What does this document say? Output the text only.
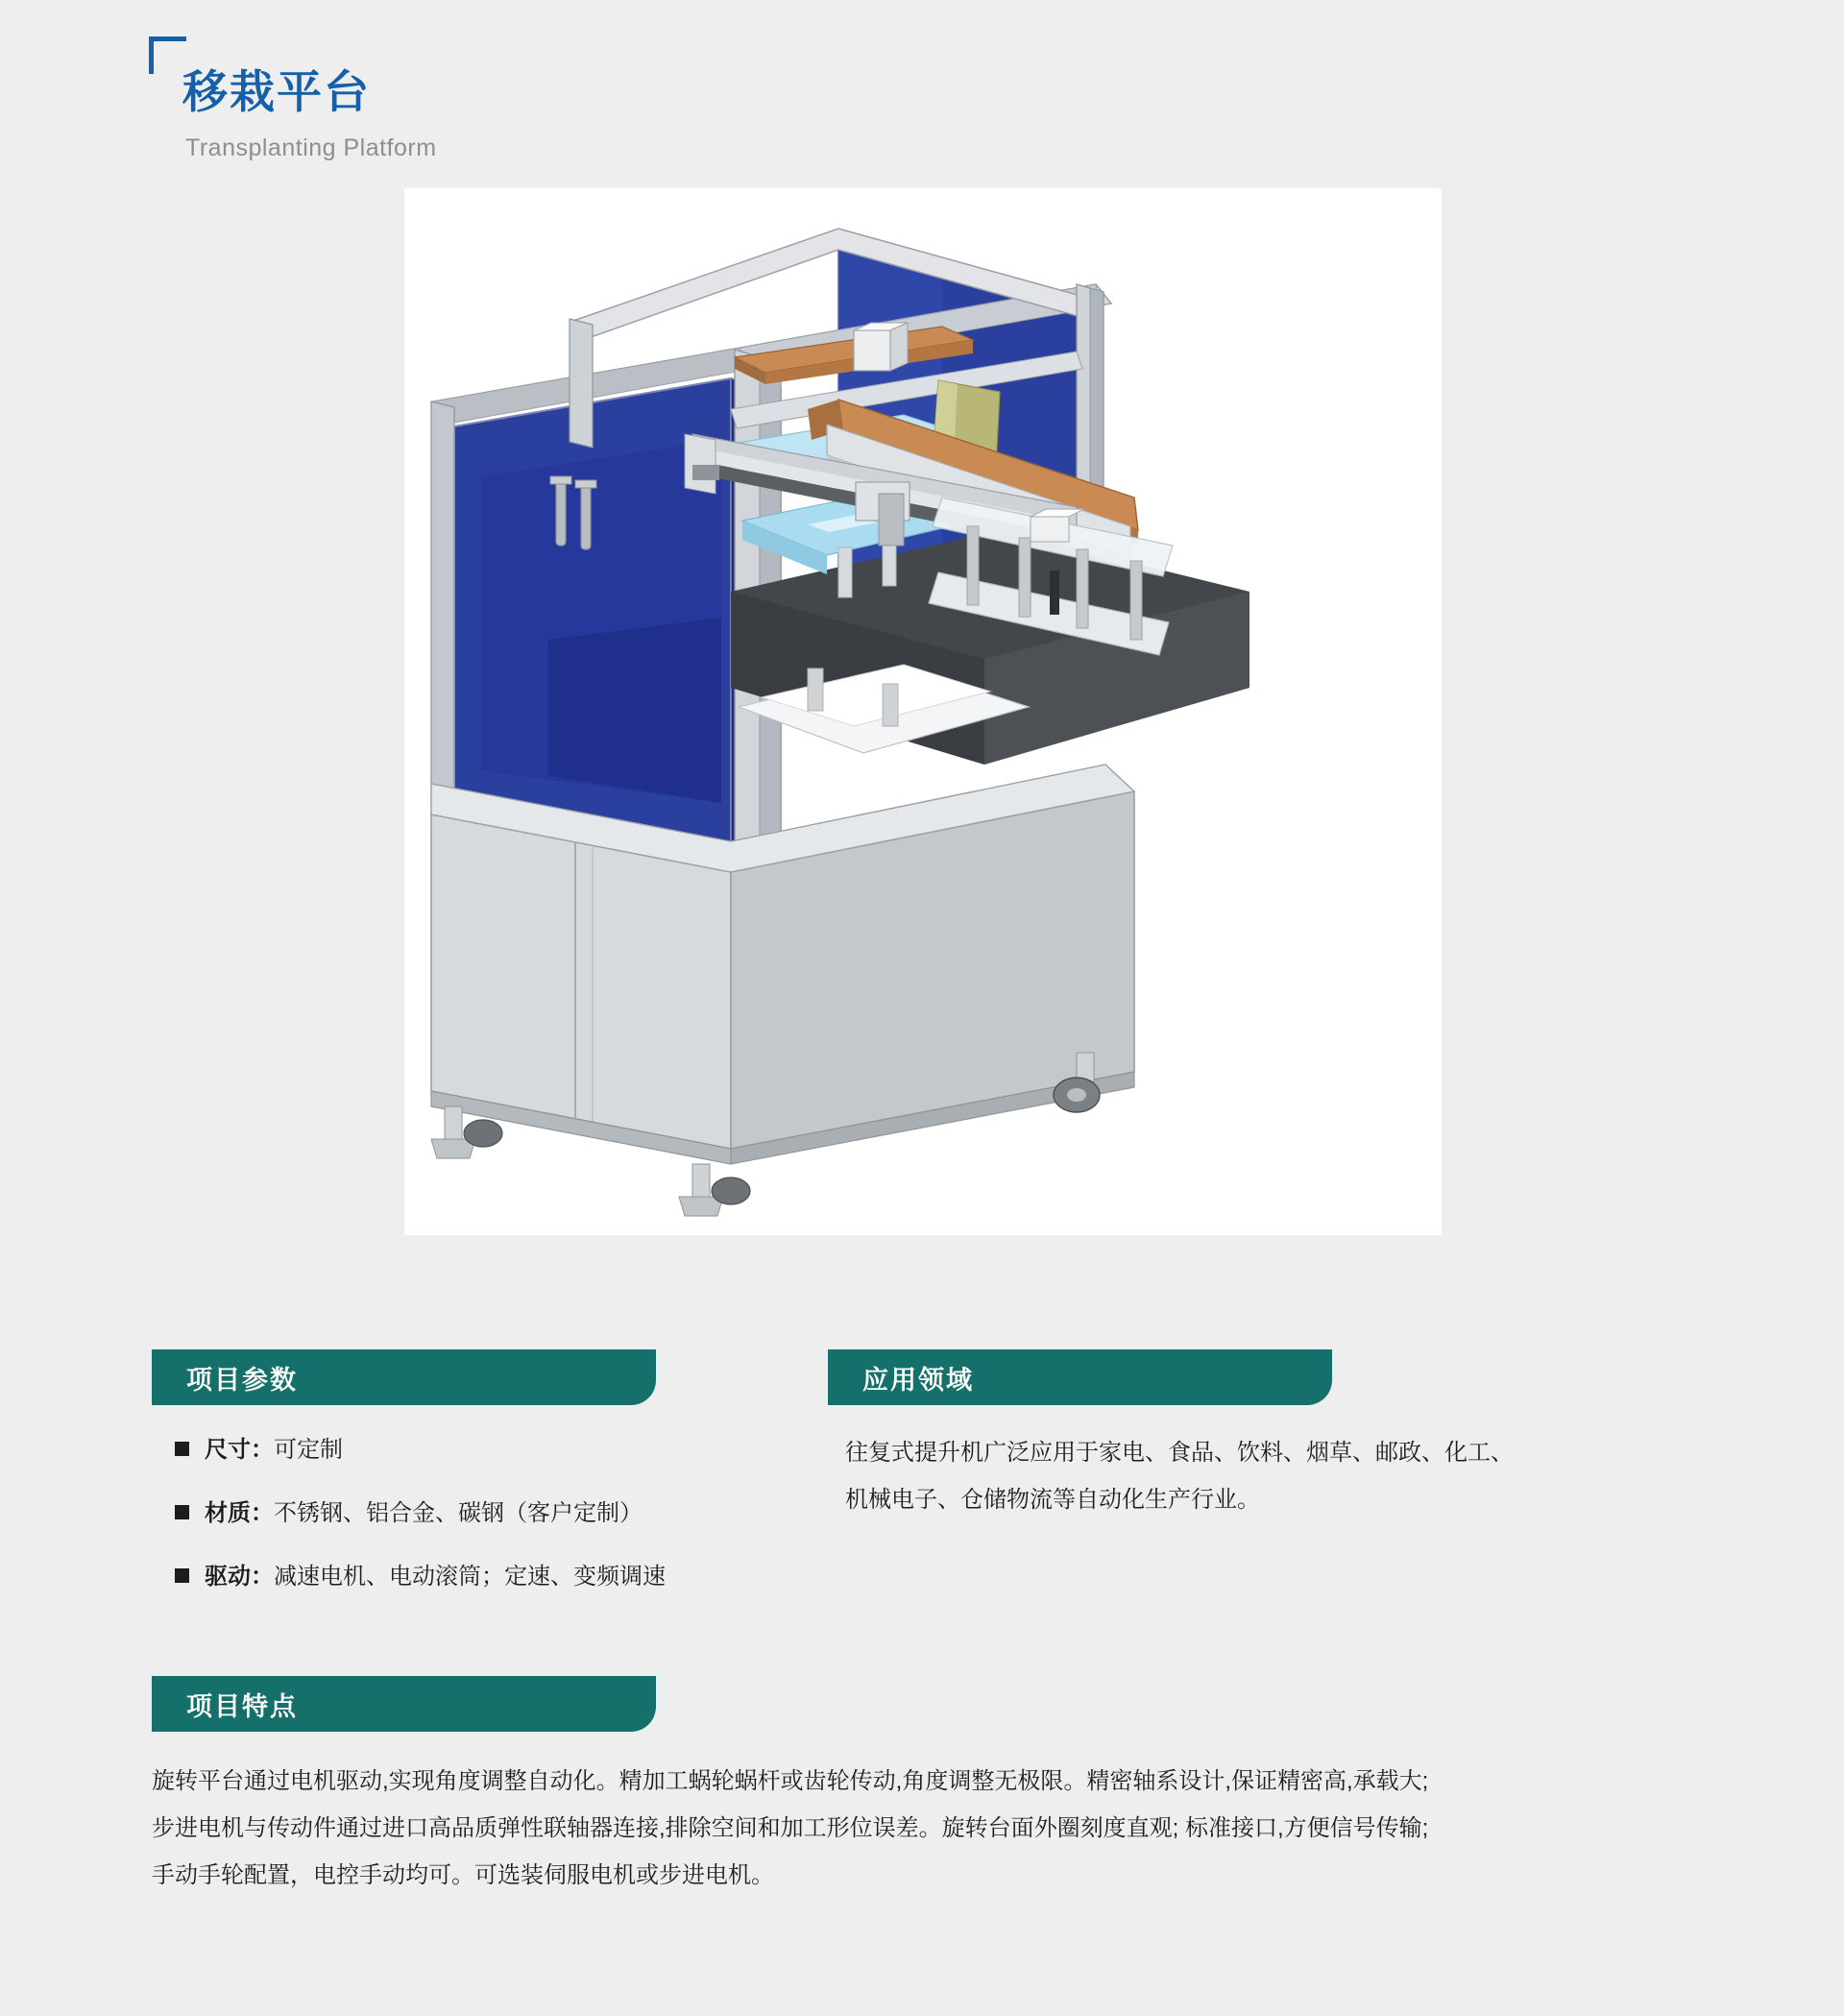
移栽平台
Transplanting Platform
项目参数
尺寸： 可定制
材质： 不锈钢、铝合金、碳钢（客户定制）
驱动： 减速电机、电动滚筒；定速、变频调速
应用领域
往复式提升机广泛应用于家电、食品、饮料、烟草、邮政、化工、
机械电子、仓储物流等自动化生产行业。
项目特点
旋转平台通过电机驱动,实现角度调整自动化。精加工蜗轮蜗杆或齿轮传动,角度调整无极限。精密轴系设计,保证精密高,承载大;
步进电机与传动件通过进口高品质弹性联轴器连接,排除空间和加工形位误差。旋转台面外圈刻度直观; 标准接口,方便信号传输;
手动手轮配置，电控手动均可。可选装伺服电机或步进电机。
